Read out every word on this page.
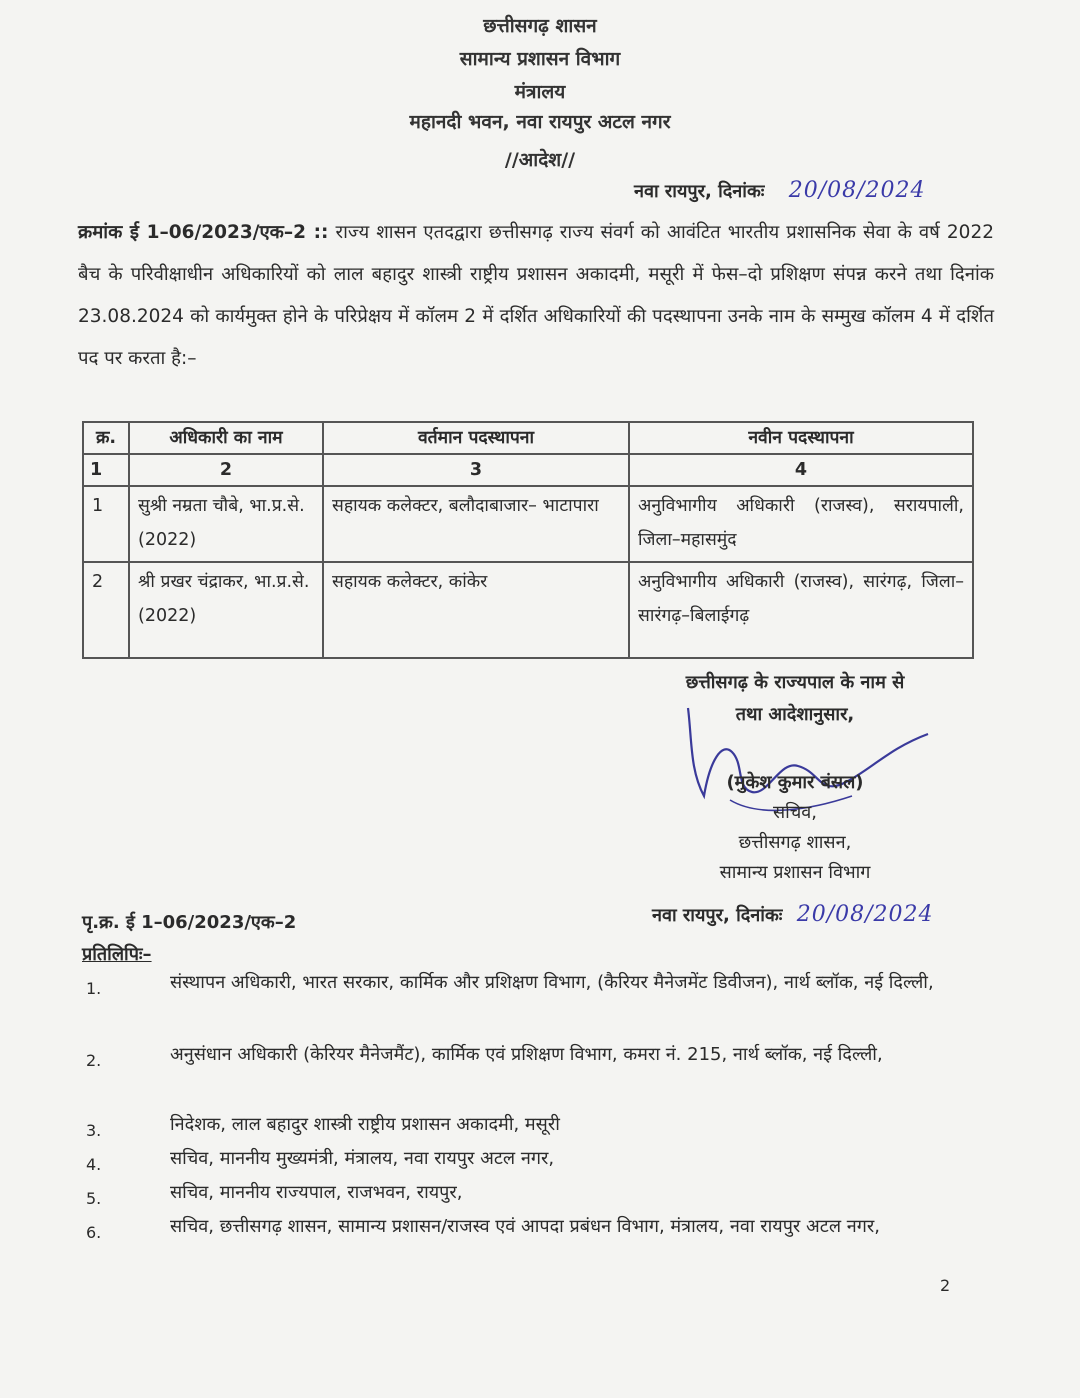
छत्तीसगढ़ शासन
सामान्य प्रशासन विभाग
मंत्रालय
महानदी भवन, नवा रायपुर अटल नगर
//आदेश//
नवा रायपुर, दिनांकः 20/08/2024
क्रमांक ई 1–06/2023/एक–2 :: राज्य शासन एतदद्वारा छत्तीसगढ़ राज्य संवर्ग को आवंटित भारतीय प्रशासनिक सेवा के वर्ष 2022 बैच के परिवीक्षाधीन अधिकारियों को लाल बहादुर शास्त्री राष्ट्रीय प्रशासन अकादमी, मसूरी में फेस–दो प्रशिक्षण संपन्न करने तथा दिनांक 23.08.2024 को कार्यमुक्त होने के परिप्रेक्षय में कॉलम 2 में दर्शित अधिकारियों की पदस्थापना उनके नाम के सम्मुख कॉलम 4 में दर्शित पद पर करता है:–
क्र.	अधिकारी का नाम	वर्तमान पदस्थापना	नवीन पदस्थापना
1	2	3	4
1	सुश्री नम्रता चौबे, भा.प्र.से. (2022)	सहायक कलेक्टर, बलौदाबाजार– भाटापारा	अनुविभागीय अधिकारी (राजस्व), सरायपाली, जिला–महासमुंद
2	श्री प्रखर चंद्राकर, भा.प्र.से. (2022)	सहायक कलेक्टर, कांकेर	अनुविभागीय अधिकारी (राजस्व), सारंगढ़, जिला–सारंगढ़–बिलाईगढ़
छत्तीसगढ़ के राज्यपाल के नाम से
तथा आदेशानुसार,
(मुकेश कुमार बंसल)
सचिव,
छत्तीसगढ़ शासन,
सामान्य प्रशासन विभाग
पृ.क्र. ई 1–06/2023/एक–2	नवा रायपुर, दिनांकः 20/08/2024
प्रतिलिपिः–
1.	संस्थापन अधिकारी, भारत सरकार, कार्मिक और प्रशिक्षण विभाग, (कैरियर मैनेजमेंट डिवीजन), नार्थ ब्लॉक, नई दिल्ली,
2.	अनुसंधान अधिकारी (केरियर मैनेजमैंट), कार्मिक एवं प्रशिक्षण विभाग, कमरा नं. 215, नार्थ ब्लॉक, नई दिल्ली,
3.	निदेशक, लाल बहादुर शास्त्री राष्ट्रीय प्रशासन अकादमी, मसूरी
4.	सचिव, माननीय मुख्यमंत्री, मंत्रालय, नवा रायपुर अटल नगर,
5.	सचिव, माननीय राज्यपाल, राजभवन, रायपुर,
6.	सचिव, छत्तीसगढ़ शासन, सामान्य प्रशासन/राजस्व एवं आपदा प्रबंधन विभाग, मंत्रालय, नवा रायपुर अटल नगर,
2
